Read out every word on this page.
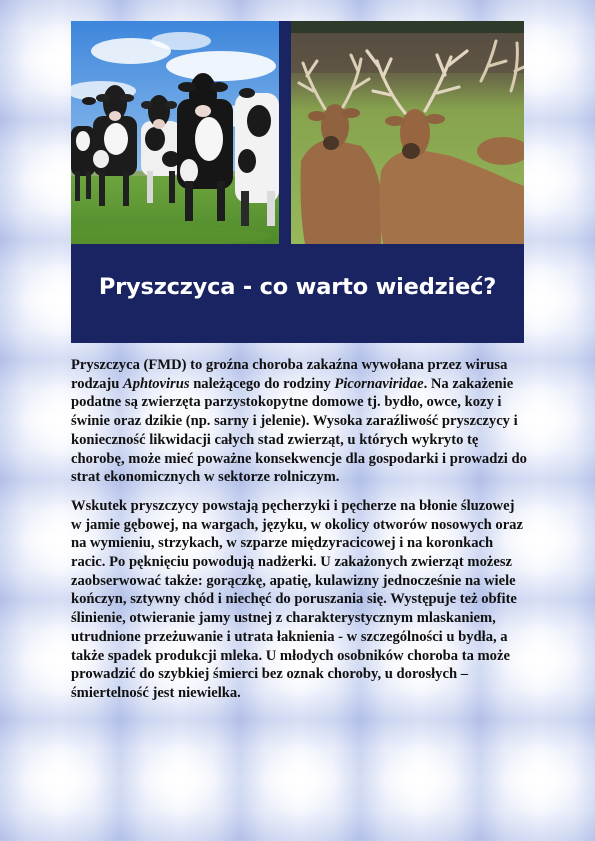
Pryszczyca - co warto wiedzieć?

Pryszczyca (FMD) to groźna choroba zakaźna wywołana przez wirusa rodzaju Aphtovirus należącego do rodziny Picornaviridae. Na zakażenie podatne są zwierzęta parzystokopytne domowe tj. bydło, owce, kozy i świnie oraz dzikie (np. sarny i jelenie). Wysoka zaraźliwość pryszczycy i konieczność likwidacji całych stad zwierząt, u których wykryto tę chorobę, może mieć poważne konsekwencje dla gospodarki i prowadzi do strat ekonomicznych w sektorze rolniczym.

Wskutek pryszczycy powstają pęcherzyki i pęcherze na błonie śluzowej w jamie gębowej, na wargach, języku, w okolicy otworów nosowych oraz na wymieniu, strzykach, w szparze międzyracicowej i na koronkach racic. Po pęknięciu powodują nadżerki. U zakażonych zwierząt możesz zaobserwować także: gorączkę, apatię, kulawizny jednocześnie na wiele kończyn, sztywny chód i niechęć do poruszania się. Występuje też obfite ślinienie, otwieranie jamy ustnej z charakterystycznym mlaskaniem, utrudnione przeżuwanie i utrata łaknienia - w szczególności u bydła, a także spadek produkcji mleka. U młodych osobników choroba ta może prowadzić do szybkiej śmierci bez oznak choroby, u dorosłych – śmiertelność jest niewielka.
